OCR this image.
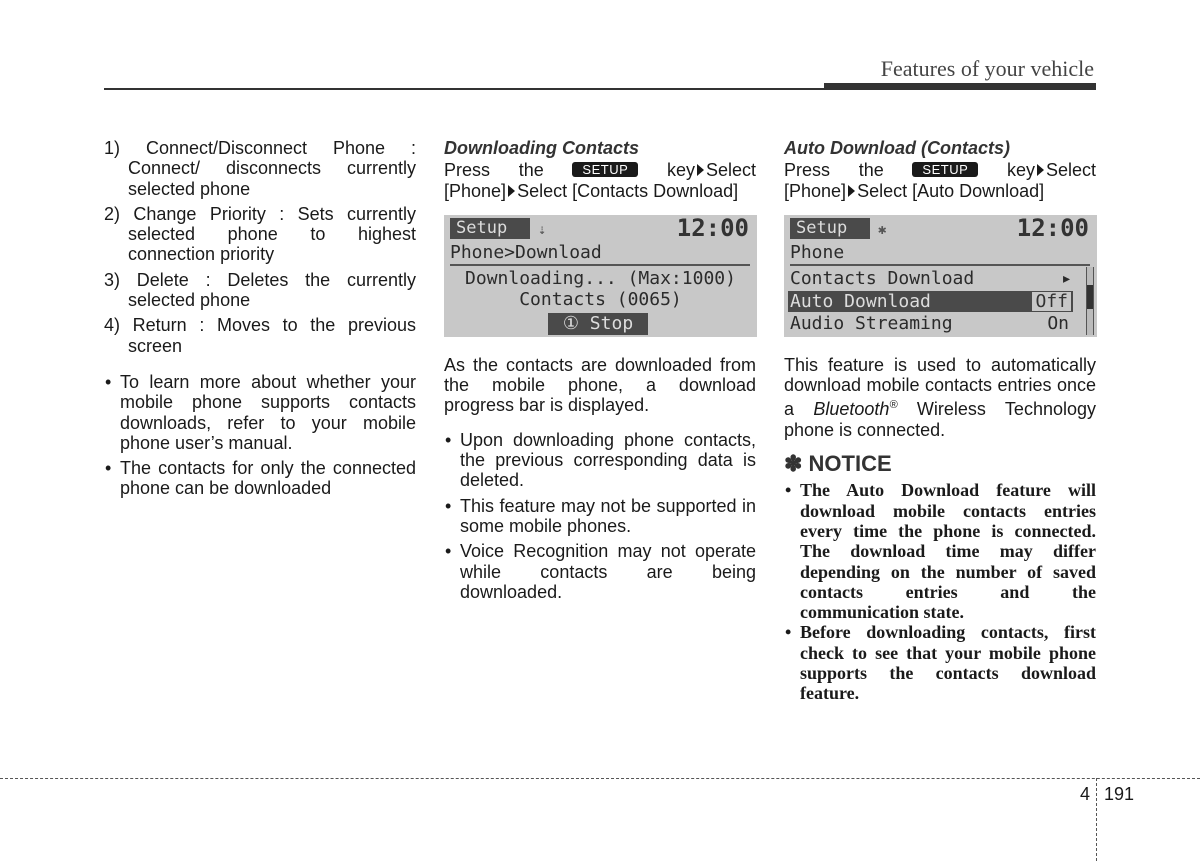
Features of your vehicle
1) Connect/Disconnect Phone : Connect/ disconnects currently selected phone
2) Change Priority : Sets currently selected phone to highest connection priority
3) Delete : Deletes the currently selected phone
4) Return : Moves to the previous screen
• To learn more about whether your mobile phone supports contacts downloads, refer to your mobile phone user’s manual.
• The contacts for only the connected phone can be downloaded
Downloading Contacts
Press the	SETUP key Select
[Phone] Select [Contacts Download]
Setup	⇣	12:00
Phone>Download
Downloading... (Max:1000)
Contacts (0065)
① Stop

As the contacts are downloaded from the mobile phone, a download progress bar is displayed.

• Upon downloading phone contacts, the previous corresponding data is deleted.
• This feature may not be supported in some mobile phones.
• Voice Recognition may not operate while contacts are being downloaded.
Auto Download (Contacts)
Press the	SETUP key Select
[Phone] Select [Auto Download]
Setup	✱	12:00
Phone
Contacts Download	▸
Auto Download	Off
Audio Streaming	On

This feature is used to automatically download mobile contacts entries once a Bluetooth® Wireless Technology phone is connected.

✽ NOTICE
• The Auto Download feature will download mobile contacts entries every time the phone is connected. The download time may differ depending on the number of saved contacts entries and the communication state.
• Before downloading contacts, first check to see that your mobile phone supports the contacts download feature.
4 191
